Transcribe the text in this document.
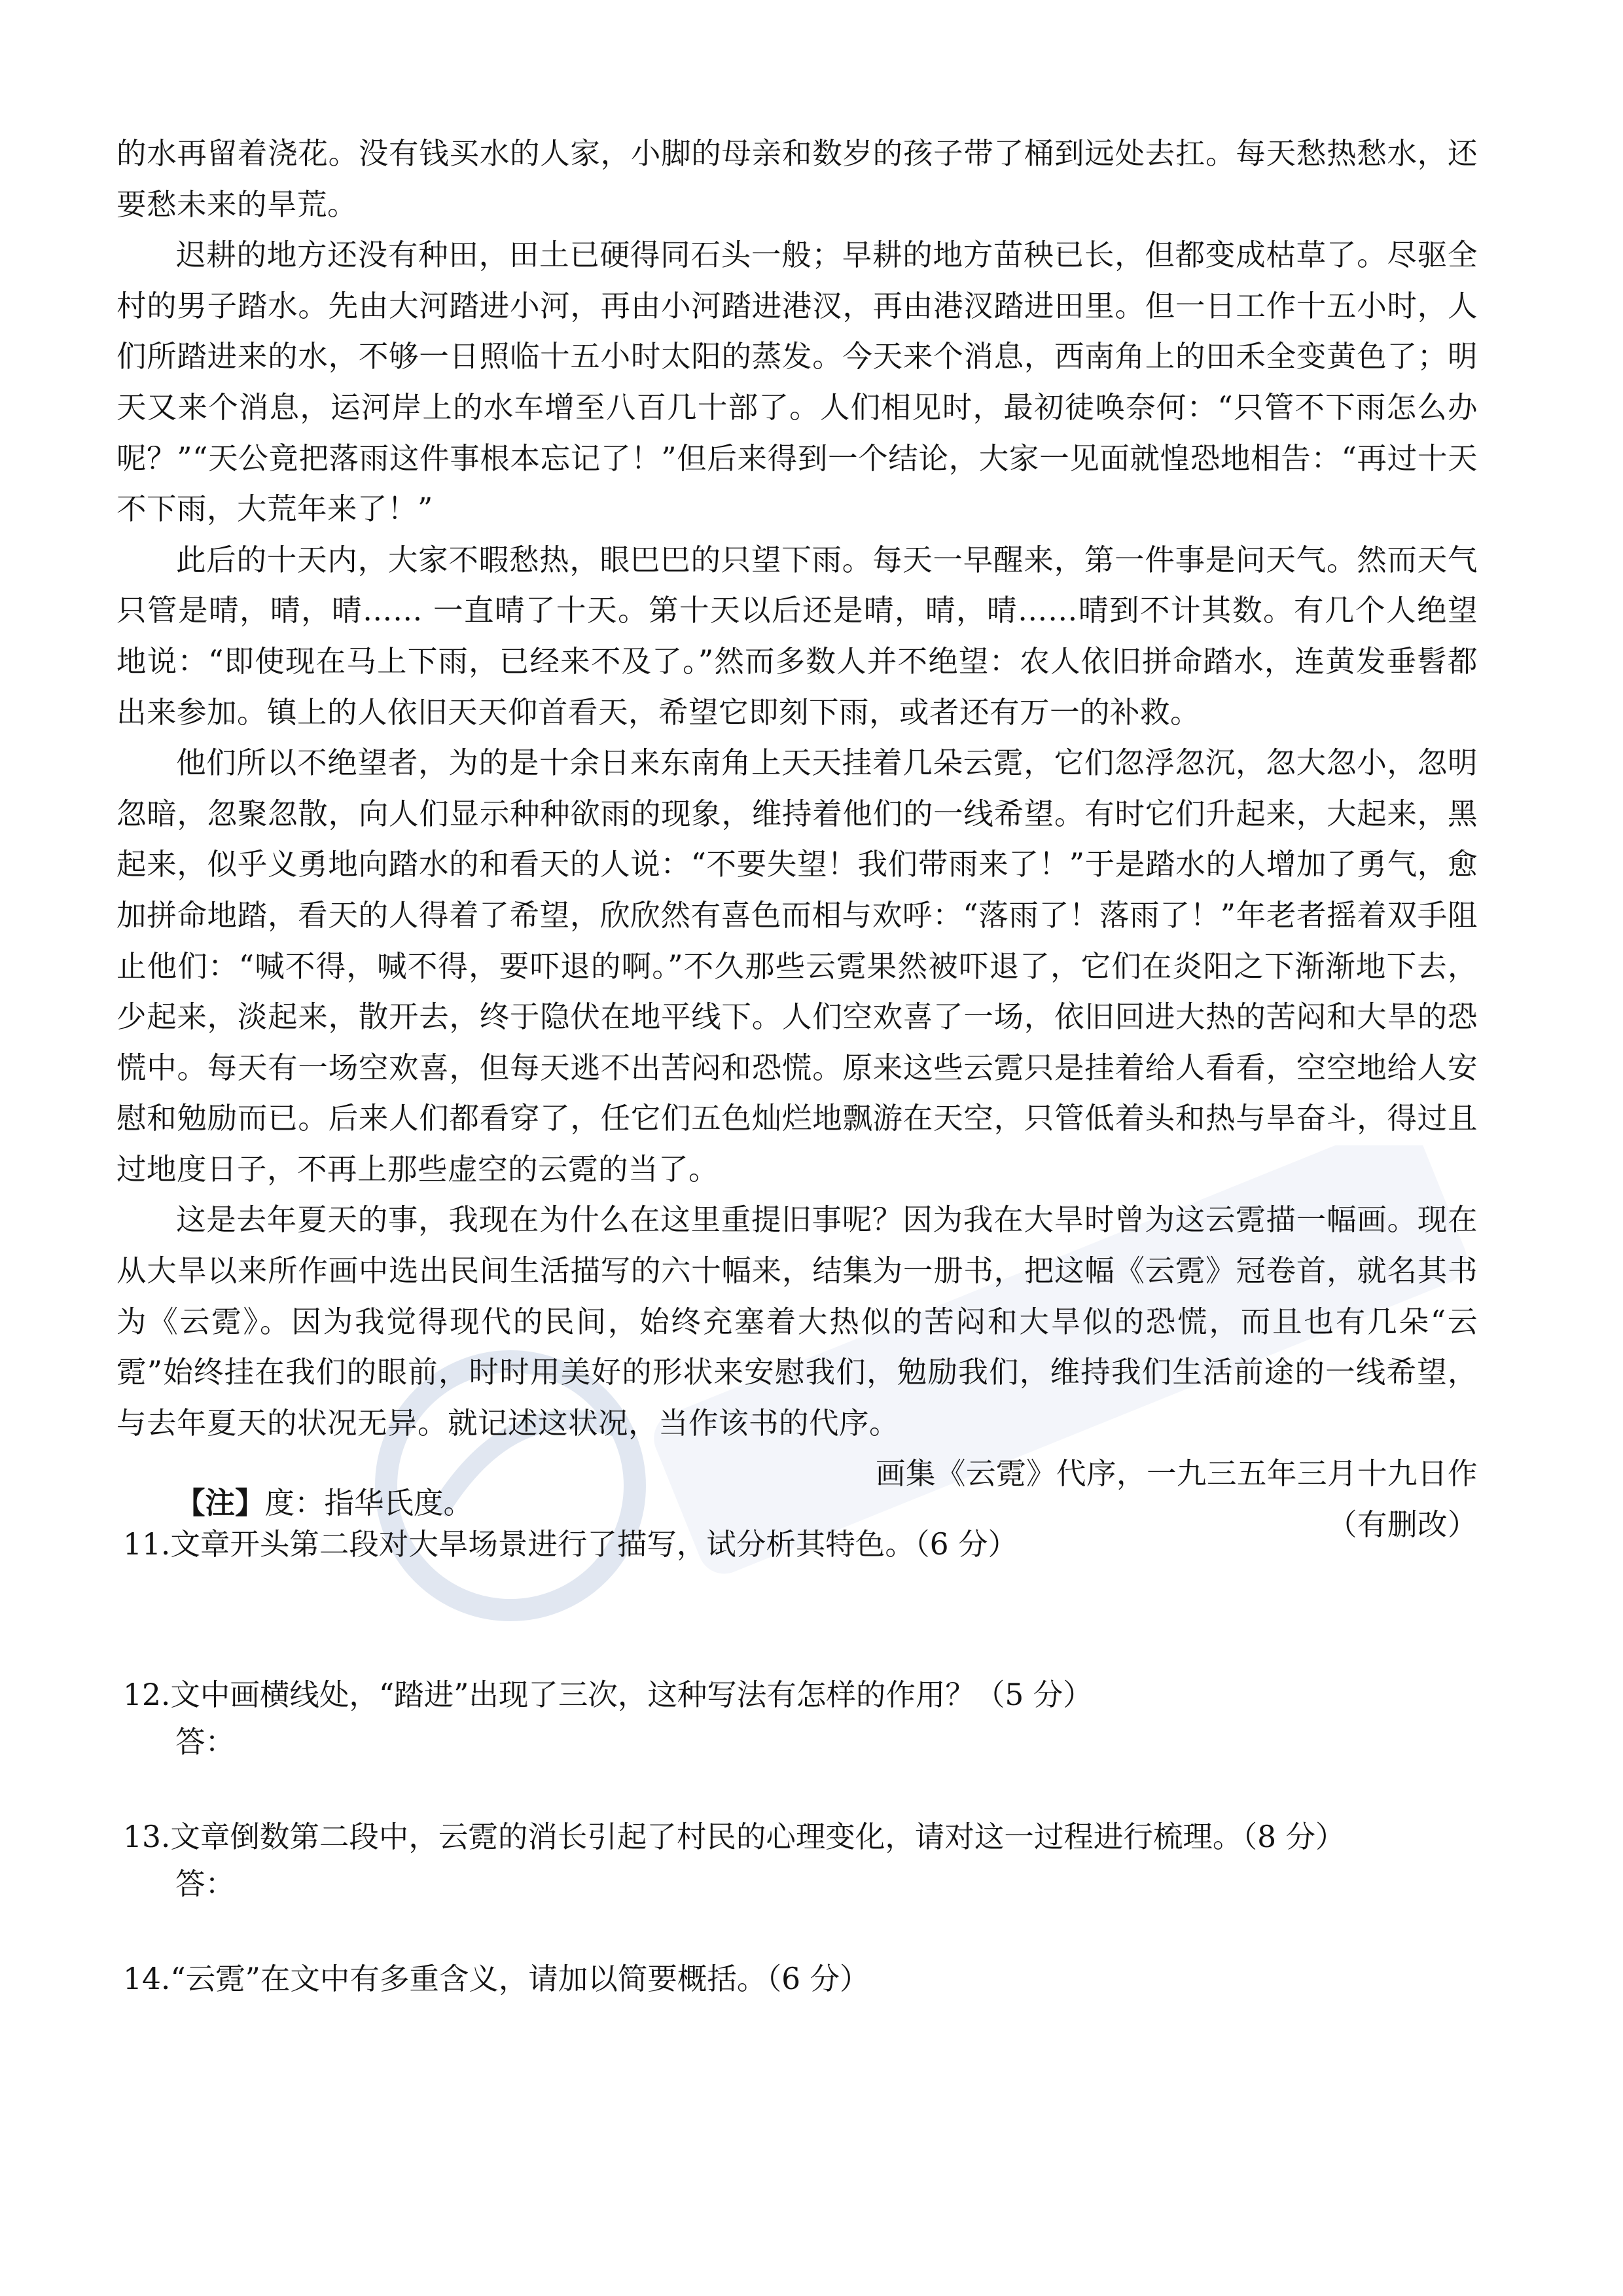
的水再留着浇花。没有钱买水的人家，小脚的母亲和数岁的孩子带了桶到远处去扛。每天愁热愁水，还要愁未来的旱荒。

迟耕的地方还没有种田，田土已硬得同石头一般；早耕的地方苗秧已长，但都变成枯草了。尽驱全村的男子踏水。先由大河踏进小河，再由小河踏进港汊，再由港汊踏进田里。但一日工作十五小时，人们所踏进来的水，不够一日照临十五小时太阳的蒸发。今天来个消息，西南角上的田禾全变黄色了；明天又来个消息，运河岸上的水车增至八百几十部了。人们相见时，最初徒唤奈何：“只管不下雨怎么办呢？”“天公竟把落雨这件事根本忘记了！”但后来得到一个结论，大家一见面就惶恐地相告：“再过十天不下雨，大荒年来了！”

此后的十天内，大家不暇愁热，眼巴巴的只望下雨。每天一早醒来，第一件事是问天气。然而天气只管是晴，晴，晴…… 一直晴了十天。第十天以后还是晴，晴，晴……晴到不计其数。有几个人绝望地说：“即使现在马上下雨，已经来不及了。”然而多数人并不绝望：农人依旧拼命踏水，连黄发垂髫都出来参加。镇上的人依旧天天仰首看天，希望它即刻下雨，或者还有万一的补救。

他们所以不绝望者，为的是十余日来东南角上天天挂着几朵云霓，它们忽浮忽沉，忽大忽小，忽明忽暗，忽聚忽散，向人们显示种种欲雨的现象，维持着他们的一线希望。有时它们升起来，大起来，黑起来，似乎义勇地向踏水的和看天的人说：“不要失望！我们带雨来了！”于是踏水的人增加了勇气，愈加拼命地踏，看天的人得着了希望，欣欣然有喜色而相与欢呼：“落雨了！落雨了！”年老者摇着双手阻止他们：“喊不得，喊不得，要吓退的啊。”不久那些云霓果然被吓退了，它们在炎阳之下渐渐地下去，少起来，淡起来，散开去，终于隐伏在地平线下。人们空欢喜了一场，依旧回进大热的苦闷和大旱的恐慌中。每天有一场空欢喜，但每天逃不出苦闷和恐慌。原来这些云霓只是挂着给人看看，空空地给人安慰和勉励而已。后来人们都看穿了，任它们五色灿烂地飘游在天空，只管低着头和热与旱奋斗，得过且过地度日子，不再上那些虚空的云霓的当了。

这是去年夏天的事，我现在为什么在这里重提旧事呢？因为我在大旱时曾为这云霓描一幅画。现在从大旱以来所作画中选出民间生活描写的六十幅来，结集为一册书，把这幅《云霓》冠卷首，就名其书为《云霓》。因为我觉得现代的民间，始终充塞着大热似的苦闷和大旱似的恐慌，而且也有几朵“云霓”始终挂在我们的眼前，时时用美好的形状来安慰我们，勉励我们，维持我们生活前途的一线希望，与去年夏天的状况无异。就记述这状况，当作该书的代序。

画集《云霓》代序，一九三五年三月十九日作

（有删改）

【注】度：指华氏度。
11.文章开头第二段对大旱场景进行了描写，试分析其特色。（6 分）
12.文中画横线处，“踏进”出现了三次，这种写法有怎样的作用？（5 分）
答：
13.文章倒数第二段中，云霓的消长引起了村民的心理变化，请对这一过程进行梳理。（8 分）
答：
14.“云霓”在文中有多重含义，请加以简要概括。（6 分）
